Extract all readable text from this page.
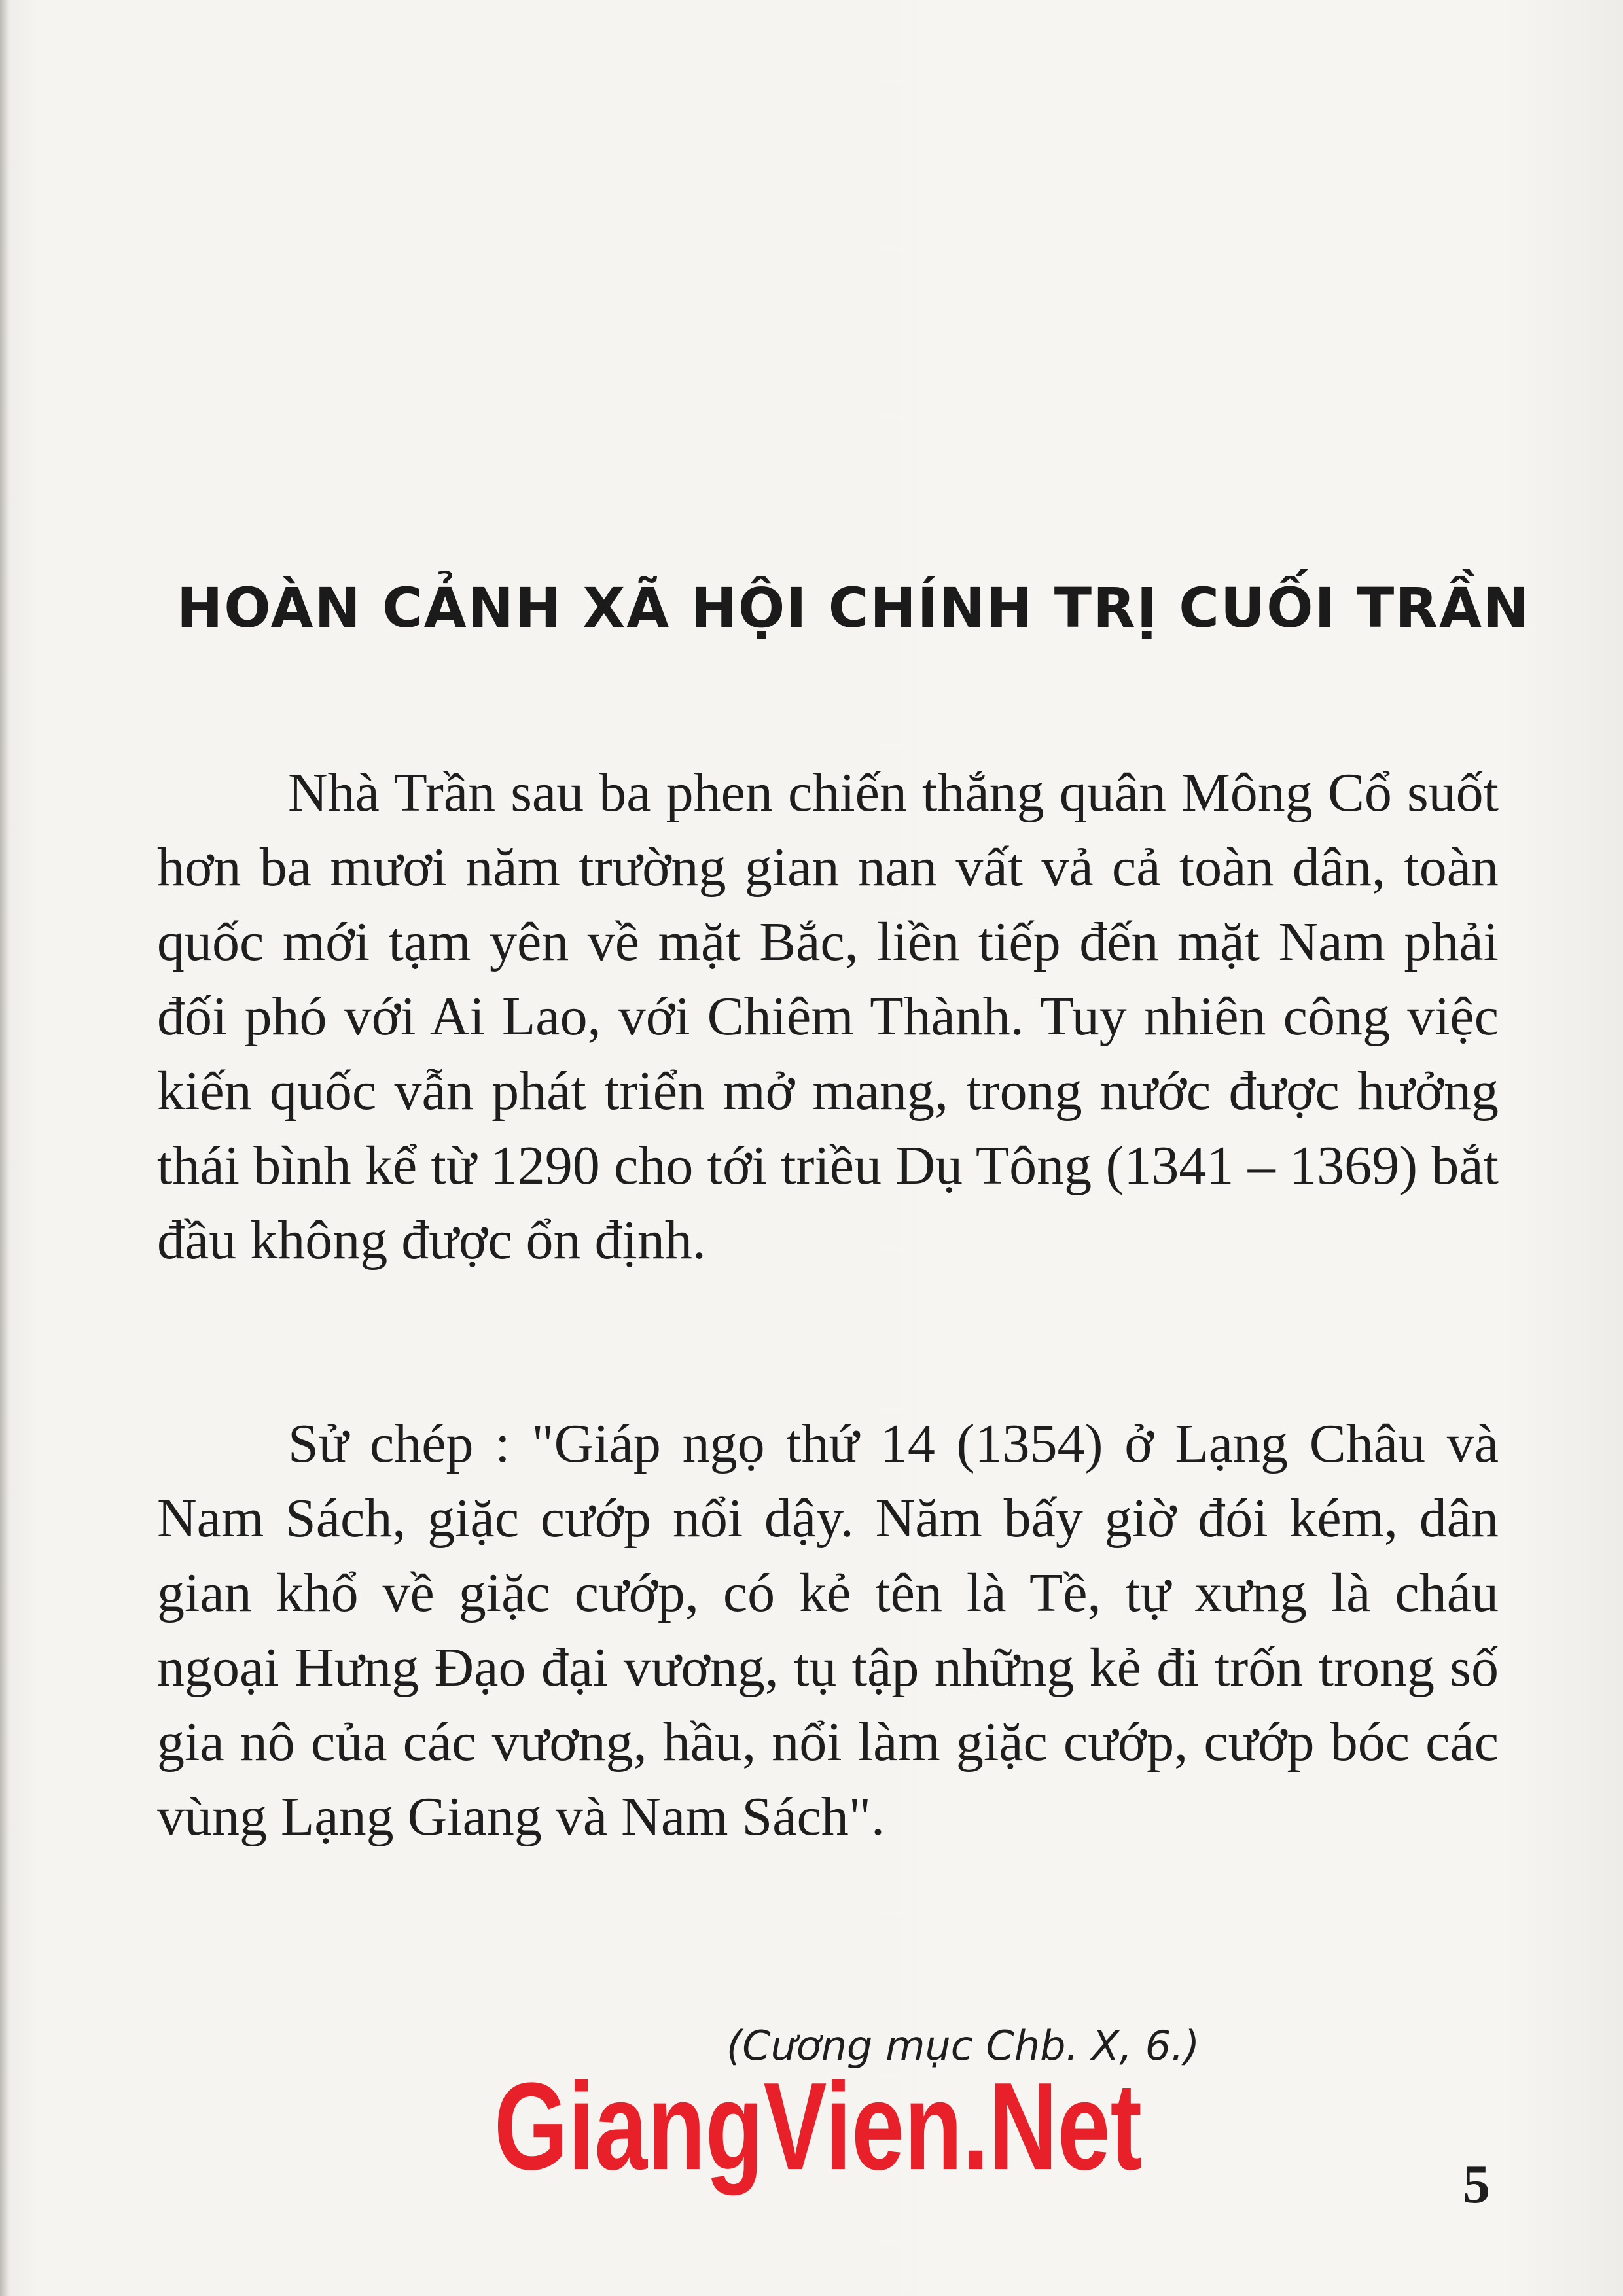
HOÀN CẢNH XÃ HỘI CHÍNH TRỊ CUỐI TRẦN

Nhà Trần sau ba phen chiến thắng quân Mông Cổ suốt hơn ba mươi năm trường gian nan vất vả cả toàn dân, toàn quốc mới tạm yên về mặt Bắc, liền tiếp đến mặt Nam phải đối phó với Ai Lao, với Chiêm Thành. Tuy nhiên công việc kiến quốc vẫn phát triển mở mang, trong nước được hưởng thái bình kể từ 1290 cho tới triều Dụ Tông (1341 – 1369) bắt đầu không được ổn định.

Sử chép : "Giáp ngọ thứ 14 (1354) ở Lạng Châu và Nam Sách, giặc cướp nổi dậy. Năm bấy giờ đói kém, dân gian khổ về giặc cướp, có kẻ tên là Tề, tự xưng là cháu ngoại Hưng Đạo đại vương, tụ tập những kẻ đi trốn trong số gia nô của các vương, hầu, nổi làm giặc cướp, cướp bóc các vùng Lạng Giang và Nam Sách".

(Cương mục Chb. X, 6.)
GiangVien.Net	5
